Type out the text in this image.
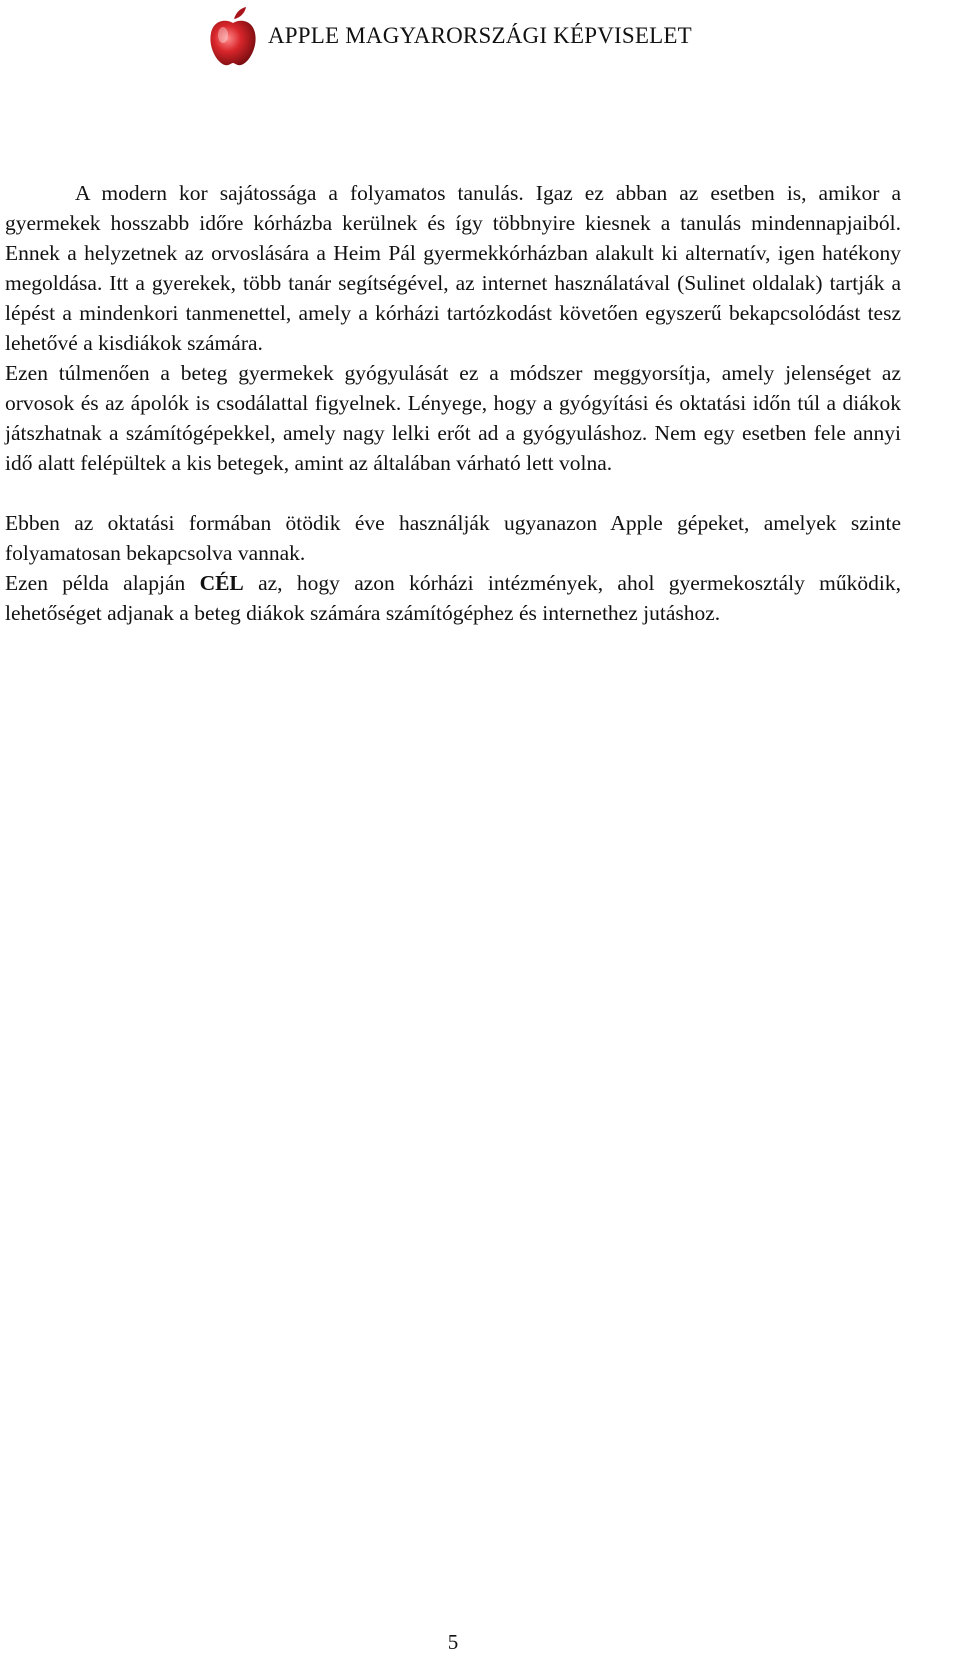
APPLE MAGYARORSZÁGI KÉPVISELET

A modern kor sajátossága a folyamatos tanulás. Igaz ez abban az esetben is, amikor a gyermekek hosszabb időre kórházba kerülnek és így többnyire kiesnek a tanulás mindennapjaiból. Ennek a helyzetnek az orvoslására a Heim Pál gyermekkórházban alakult ki alternatív, igen hatékony megoldása. Itt a gyerekek, több tanár segítségével, az internet használatával (Sulinet oldalak) tartják a lépést a mindenkori tanmenettel, amely a kórházi tartózkodást követően egyszerű bekapcsolódást tesz lehetővé a kisdiákok számára.

Ezen túlmenően a beteg gyermekek gyógyulását ez a módszer meggyorsítja, amely jelenséget az orvosok és az ápolók is csodálattal figyelnek. Lényege, hogy a gyógyítási és oktatási időn túl a diákok játszhatnak a számítógépekkel, amely nagy lelki erőt ad a gyógyuláshoz. Nem egy esetben fele annyi idő alatt felépültek a kis betegek, amint az általában várható lett volna.

Ebben az oktatási formában ötödik éve használják ugyanazon Apple gépeket, amelyek szinte folyamatosan bekapcsolva vannak.

Ezen példa alapján CÉL az, hogy azon kórházi intézmények, ahol gyermekosztály működik, lehetőséget adjanak a beteg diákok számára számítógéphez és internethez jutáshoz.

5
